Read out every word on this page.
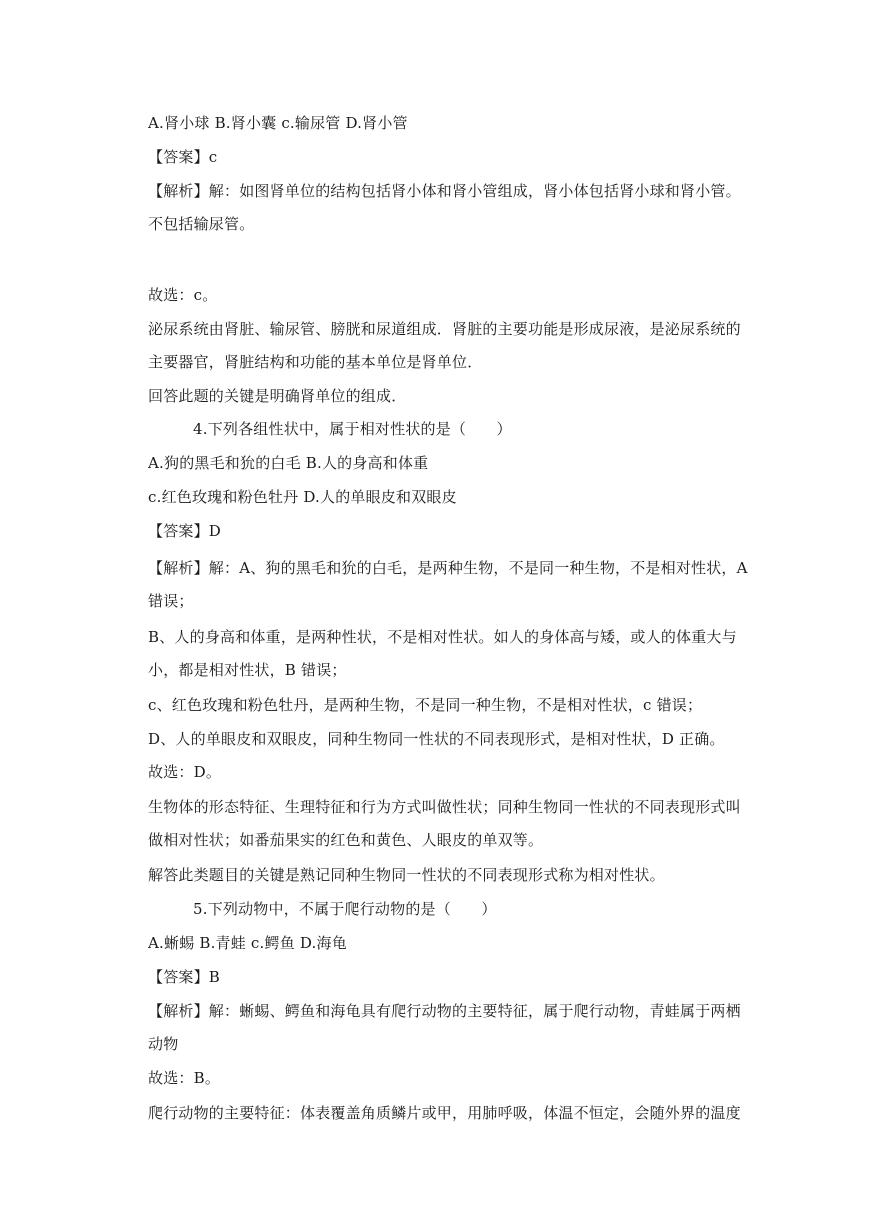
A.肾小球 B.肾小囊 c.输尿管 D.肾小管
【答案】c
【解析】解：如图肾单位的结构包括肾小体和肾小管组成，肾小体包括肾小球和肾小管。
不包括输尿管。
故选：c。
泌尿系统由肾脏、输尿管、膀胱和尿道组成．肾脏的主要功能是形成尿液，是泌尿系统的
主要器官，肾脏结构和功能的基本单位是肾单位．
回答此题的关键是明确肾单位的组成．
4.下列各组性状中，属于相对性状的是（　　）
A.狗的黑毛和狁的白毛 B.人的身高和体重
c.红色玫瑰和粉色牡丹 D.人的单眼皮和双眼皮
【答案】D
【解析】解：A、狗的黑毛和狁的白毛，是两种生物，不是同一种生物，不是相对性状，A
错误；
B、人的身高和体重，是两种性状，不是相对性状。如人的身体高与矮，或人的体重大与
小，都是相对性状，B 错误；
c、红色玫瑰和粉色牡丹，是两种生物，不是同一种生物，不是相对性状，c 错误；
D、人的单眼皮和双眼皮，同种生物同一性状的不同表现形式，是相对性状，D 正确。
故选：D。
生物体的形态特征、生理特征和行为方式叫做性状；同种生物同一性状的不同表现形式叫
做相对性状；如番茄果实的红色和黄色、人眼皮的单双等。
解答此类题目的关键是熟记同种生物同一性状的不同表现形式称为相对性状。
5.下列动物中，不属于爬行动物的是（　　）
A.蜥蜴 B.青蛙 c.鳄鱼 D.海龟
【答案】B
【解析】解：蜥蜴、鳄鱼和海龟具有爬行动物的主要特征，属于爬行动物，青蛙属于两栖
动物
故选：B。
爬行动物的主要特征：体表覆盖角质鳞片或甲，用肺呼吸，体温不恒定，会随外界的温度
